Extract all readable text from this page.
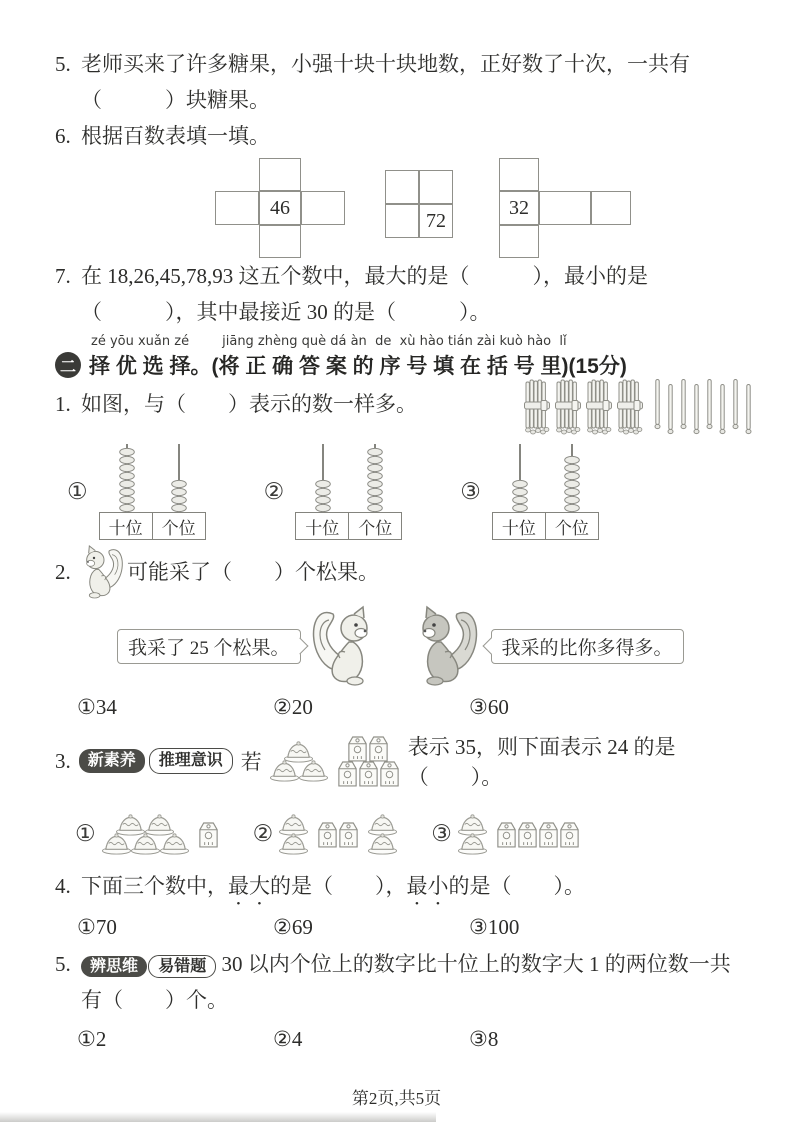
5. 老师买来了许多糖果，小强十块十块地数，正好数了十次，一共有
（　　　）块糖果。
6. 根据百数表填一填。
46
72
32
7. 在 18,26,45,78,93 这五个数中，最大的是（　　　），最小的是
（　　　），其中最接近 30 的是（　　　）。
zé yōu xuǎn zé        jiāng zhèng què dá àn  de  xù hào tián zài kuò hào  lǐ
二 择 优 选 择。(将 正 确 答 案 的 序 号 填 在 括 号 里)(15分)
1. 如图，与（　　）表示的数一样多。
①
十位	个位
②
十位	个位
③
十位	个位
2.	可能采了（　　）个松果。
我采了 25 个松果。	我采的比你多得多。
①34	②20	③60
3.	新素养	推理意识 若
表示 35，则下面表示 24 的是（　　）。
①	②	③
4. 下面三个数中，最大的是（　　），最小的是（　　）。
①70	②69	③100
5.	辨思维 易错题 30 以内个位上的数字比十位上的数字大 1 的两位数一共
有（　　）个。
①2	②4	③8
第2页,共5页
